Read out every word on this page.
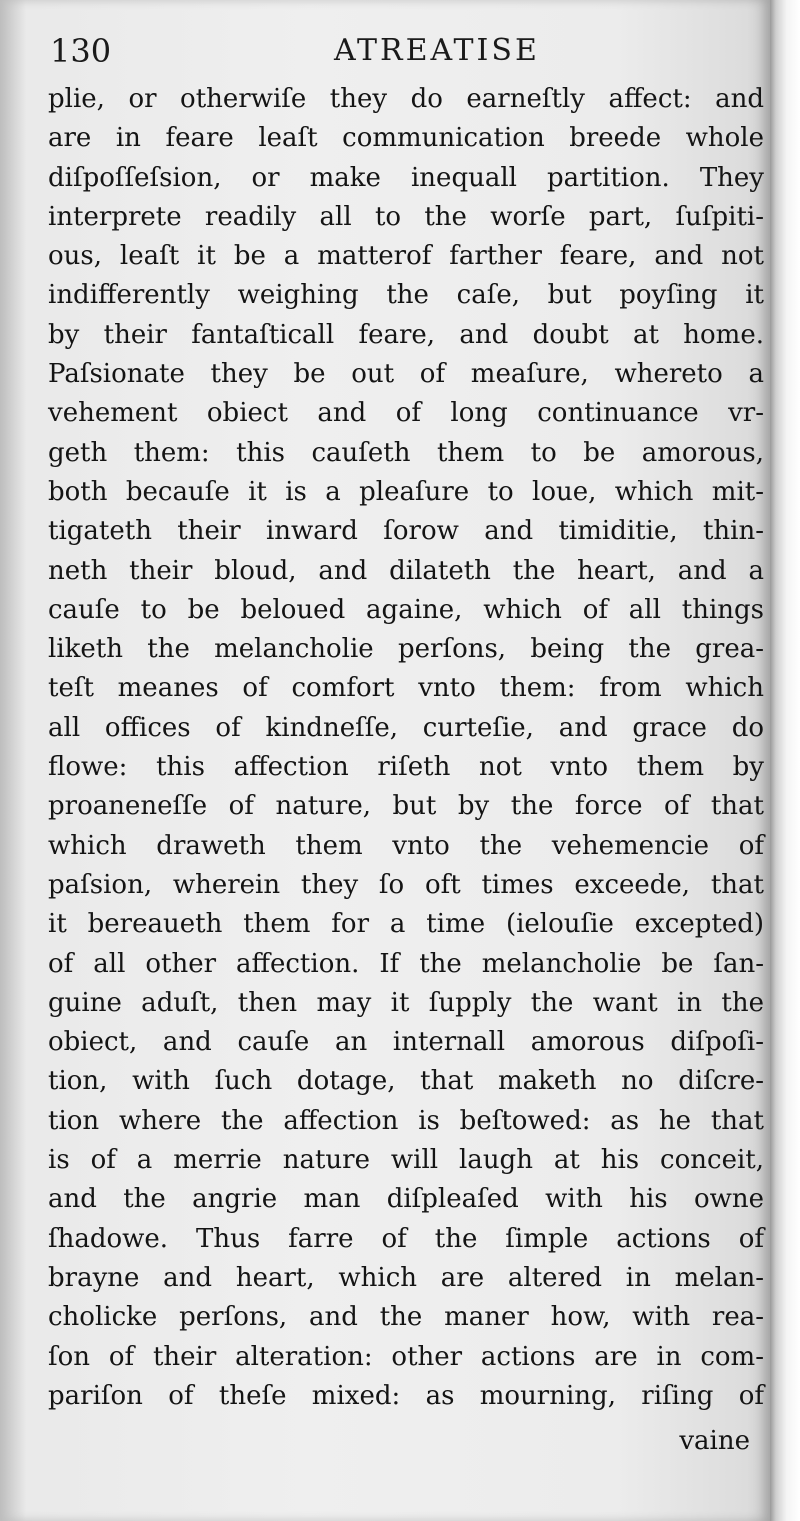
130	ATREATISE
plie, or otherwiſe they do earneſtly affect: and
are in feare leaſt communication breede whole
diſpoſſeſsion, or make inequall partition. They
interprete readily all to the worſe part, ſuſpiti-
ous, leaſt it be a matterof farther feare, and not
indifferently weighing the caſe, but poyſing it
by their fantaſticall feare, and doubt at home.
Paſsionate they be out of meaſure, whereto a
vehement obiect and of long continuance vr-
geth them: this cauſeth them to be amorous,
both becauſe it is a pleaſure to loue, which mit-
tigateth their inward ſorow and timiditie, thin-
neth their bloud, and dilateth the heart, and a
cauſe to be beloued againe, which of all things
liketh the melancholie perſons, being the grea-
teſt meanes of comfort vnto them: from which
all offices of kindneſſe, curteſie, and grace do
flowe: this affection riſeth not vnto them by
proaneneſſe of nature, but by the force of that
which draweth them vnto the vehemencie of
paſsion, wherein they ſo oft times exceede, that
it bereaueth them for a time (ielouſie excepted)
of all other affection. If the melancholie be ſan-
guine aduſt, then may it ſupply the want in the
obiect, and cauſe an internall amorous diſpoſi-
tion, with ſuch dotage, that maketh no diſcre-
tion where the affection is beſtowed: as he that
is of a merrie nature will laugh at his conceit,
and the angrie man diſpleaſed with his owne
ſhadowe. Thus farre of the ſimple actions of
brayne and heart, which are altered in melan-
cholicke perſons, and the maner how, with rea-
ſon of their alteration: other actions are in com-
pariſon of theſe mixed: as mourning, riſing of
vaine
